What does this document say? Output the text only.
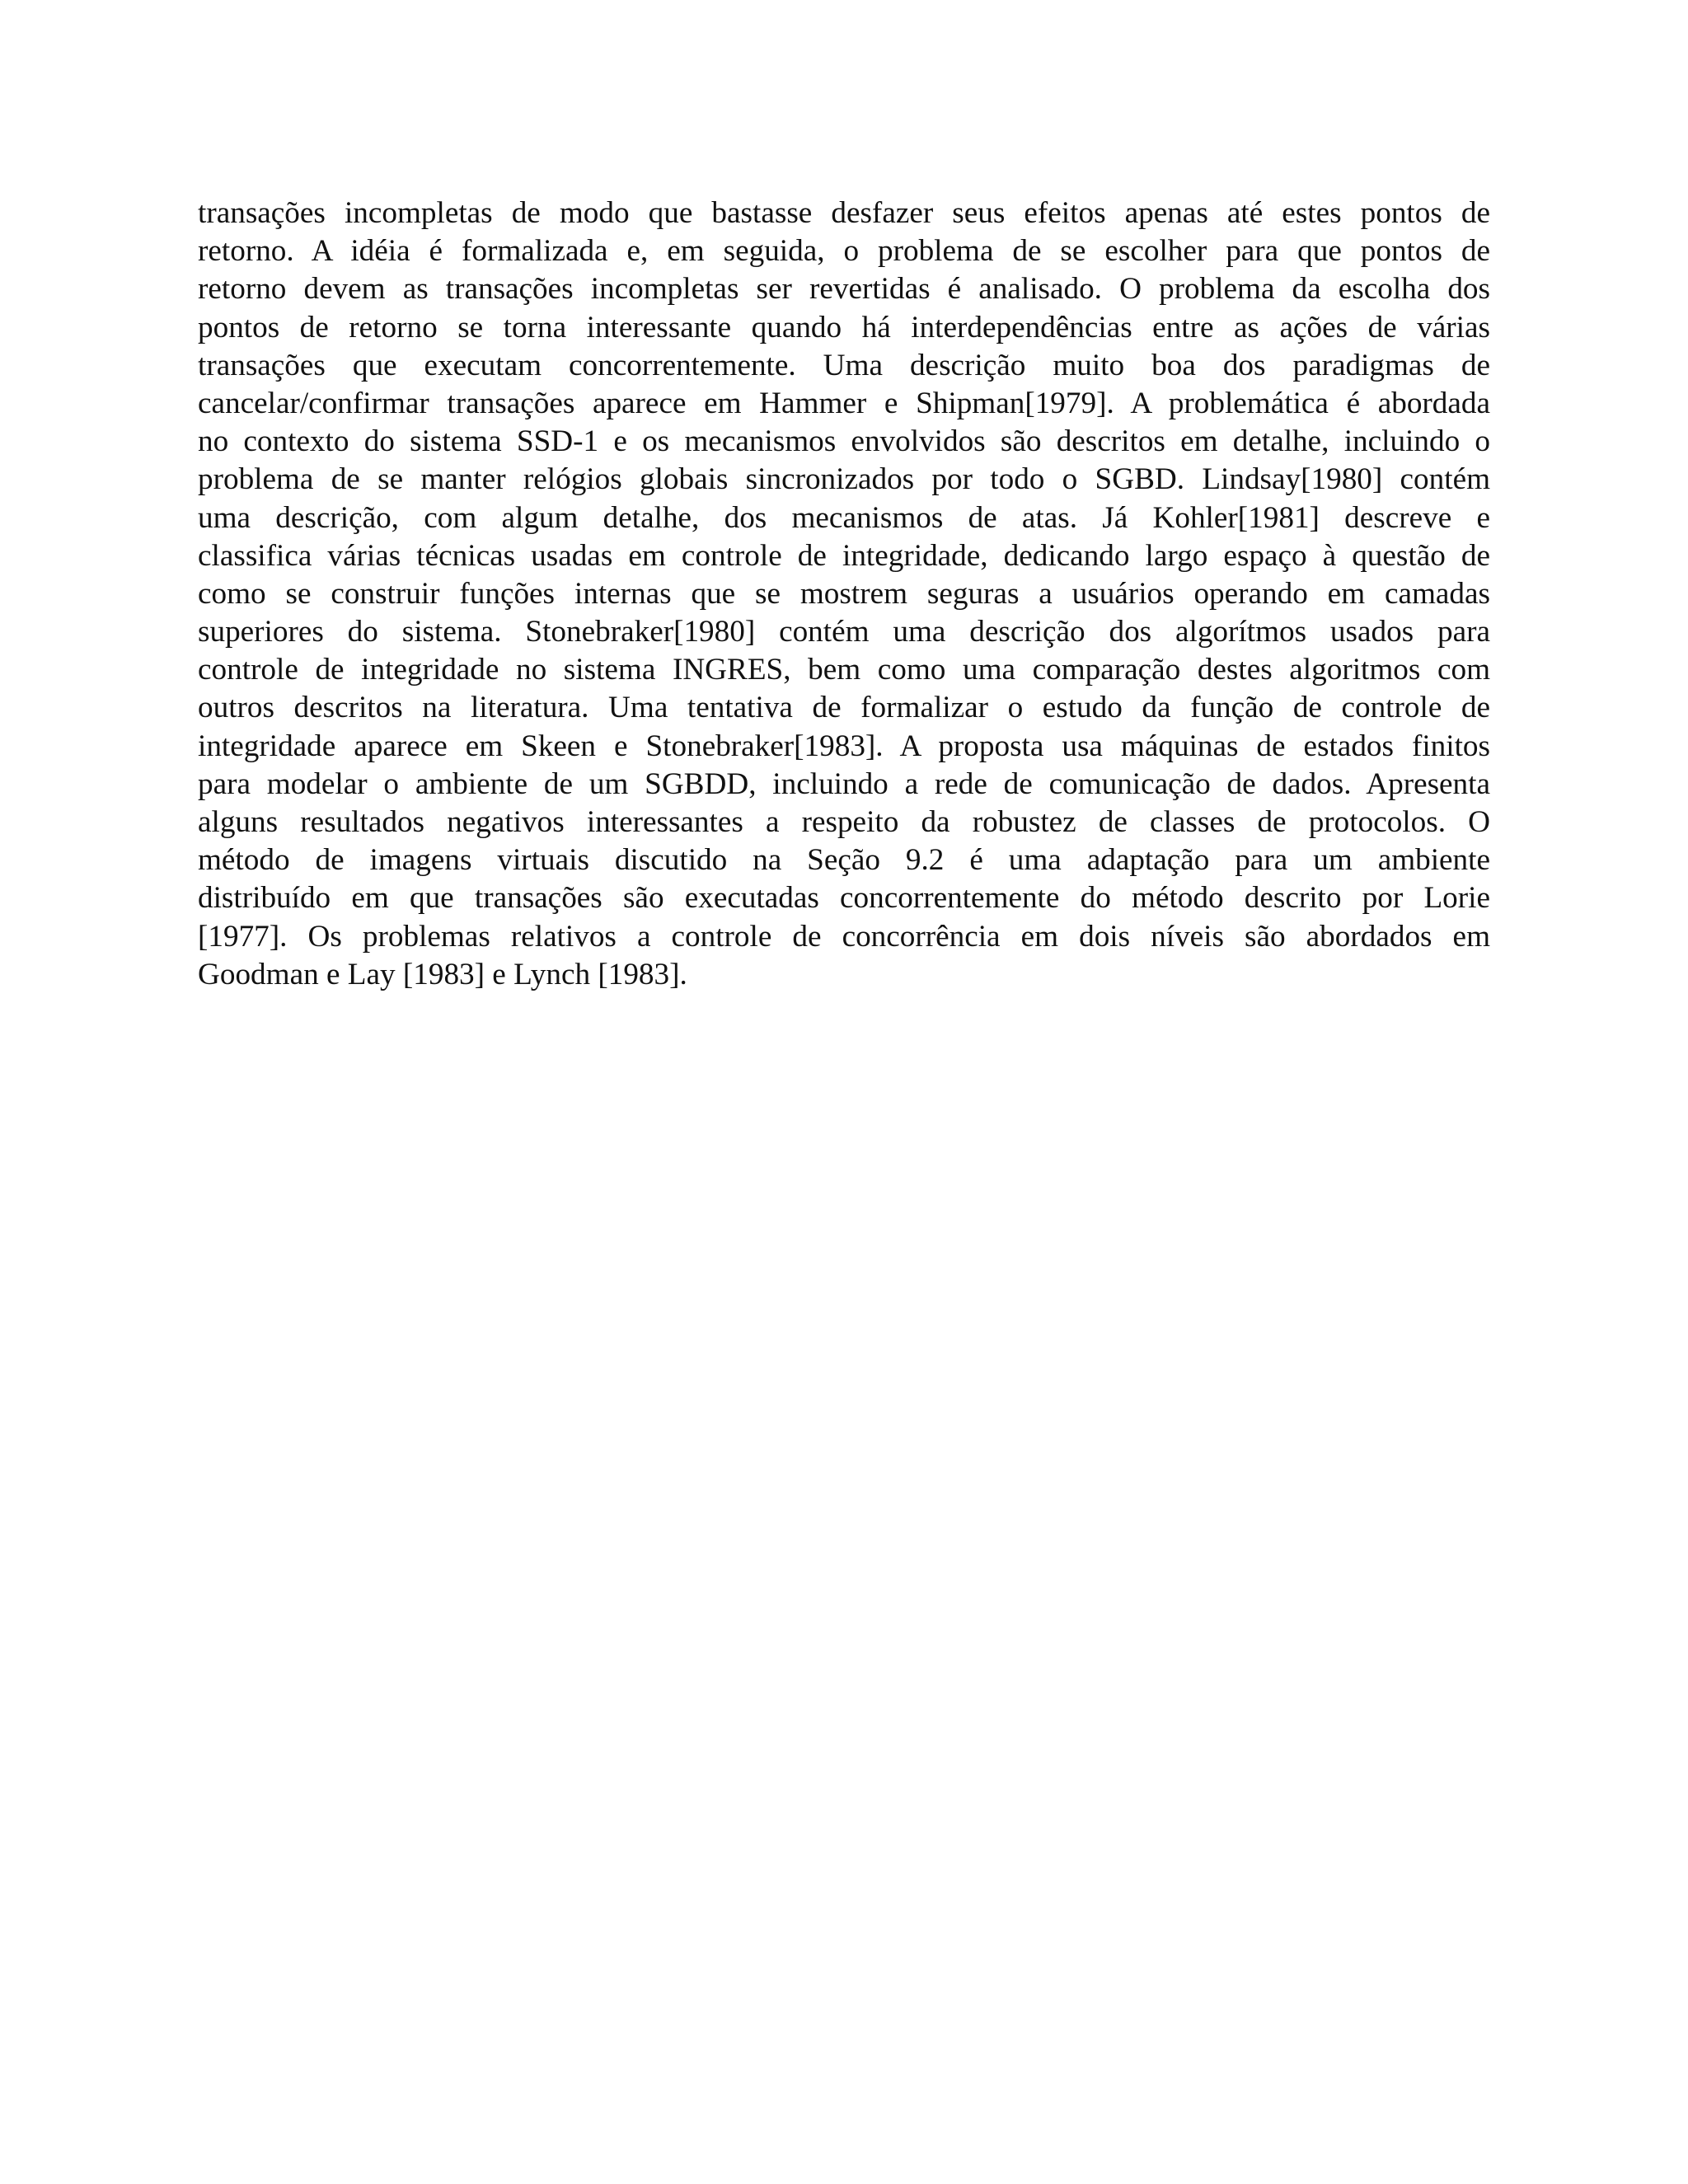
transações incompletas de modo que bastasse desfazer seus efeitos apenas até estes pontos de
retorno. A idéia é formalizada e, em seguida, o problema de se escolher para que pontos de
retorno devem as transações incompletas ser revertidas é analisado. O problema da escolha dos
pontos de retorno se torna interessante quando há interdependências entre as ações de várias
transações que executam concorrentemente. Uma descrição muito boa dos paradigmas de
cancelar/confirmar transações aparece em Hammer e Shipman[1979]. A problemática é abordada
no contexto do sistema SSD-1 e os mecanismos envolvidos são descritos em detalhe, incluindo o
problema de se manter relógios globais sincronizados por todo o SGBD. Lindsay[1980] contém
uma descrição, com algum detalhe, dos mecanismos de atas. Já Kohler[1981] descreve e
classifica várias técnicas usadas em controle de integridade, dedicando largo espaço à questão de
como se construir funções internas que se mostrem seguras a usuários operando em camadas
superiores do sistema. Stonebraker[1980] contém uma descrição dos algorítmos usados para
controle de integridade no sistema INGRES, bem como uma comparação destes algoritmos com
outros descritos na literatura. Uma tentativa de formalizar o estudo da função de controle de
integridade aparece em Skeen e Stonebraker[1983]. A proposta usa máquinas de estados finitos
para modelar o ambiente de um SGBDD, incluindo a rede de comunicação de dados. Apresenta
alguns resultados negativos interessantes a respeito da robustez de classes de protocolos. O
método de imagens virtuais discutido na Seção 9.2 é uma adaptação para um ambiente
distribuído em que transações são executadas concorrentemente do método descrito por Lorie
[1977]. Os problemas relativos a controle de concorrência em dois níveis são abordados em
Goodman e Lay [1983] e Lynch [1983].
